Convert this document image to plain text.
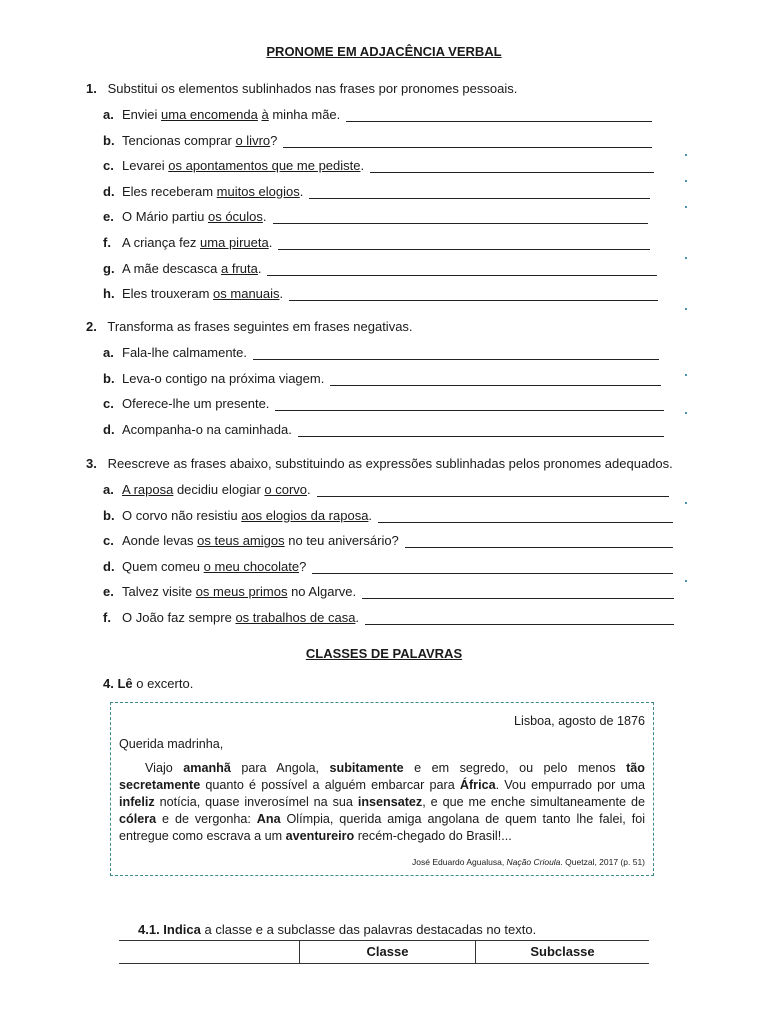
PRONOME EM ADJACÊNCIA VERBAL
1. Substitui os elementos sublinhados nas frases por pronomes pessoais.
a. Enviei uma encomenda à minha mãe.
b. Tencionas comprar o livro?
c. Levarei os apontamentos que me pediste.
d. Eles receberam muitos elogios.
e. O Mário partiu os óculos.
f. A criança fez uma pirueta.
g. A mãe descasca a fruta.
h. Eles trouxeram os manuais.
2. Transforma as frases seguintes em frases negativas.
a. Fala-lhe calmamente.
b. Leva-o contigo na próxima viagem.
c. Oferece-lhe um presente.
d. Acompanha-o na caminhada.
3. Reescreve as frases abaixo, substituindo as expressões sublinhadas pelos pronomes adequados.
a. A raposa decidiu elogiar o corvo.
b. O corvo não resistiu aos elogios da raposa.
c. Aonde levas os teus amigos no teu aniversário?
d. Quem comeu o meu chocolate?
e. Talvez visite os meus primos no Algarve.
f. O João faz sempre os trabalhos de casa.
CLASSES DE PALAVRAS
4. Lê o excerto.
Lisboa, agosto de 1876
Querida madrinha,
Viajo amanhã para Angola, subitamente e em segredo, ou pelo menos tão secretamente quanto é possível a alguém embarcar para África. Vou empurrado por uma infeliz notícia, quase inverosímel na sua insensatez, e que me enche simultaneamente de cólera e de vergonha: Ana Olímpia, querida amiga angolana de quem tanto lhe falei, foi entregue como escrava a um aventureiro recém-chegado do Brasil!...
José Eduardo Agualusa, Nação Crioula. Quetzal, 2017 (p. 51)
4.1. Indica a classe e a subclasse das palavras destacadas no texto.
Classe	Subclasse
